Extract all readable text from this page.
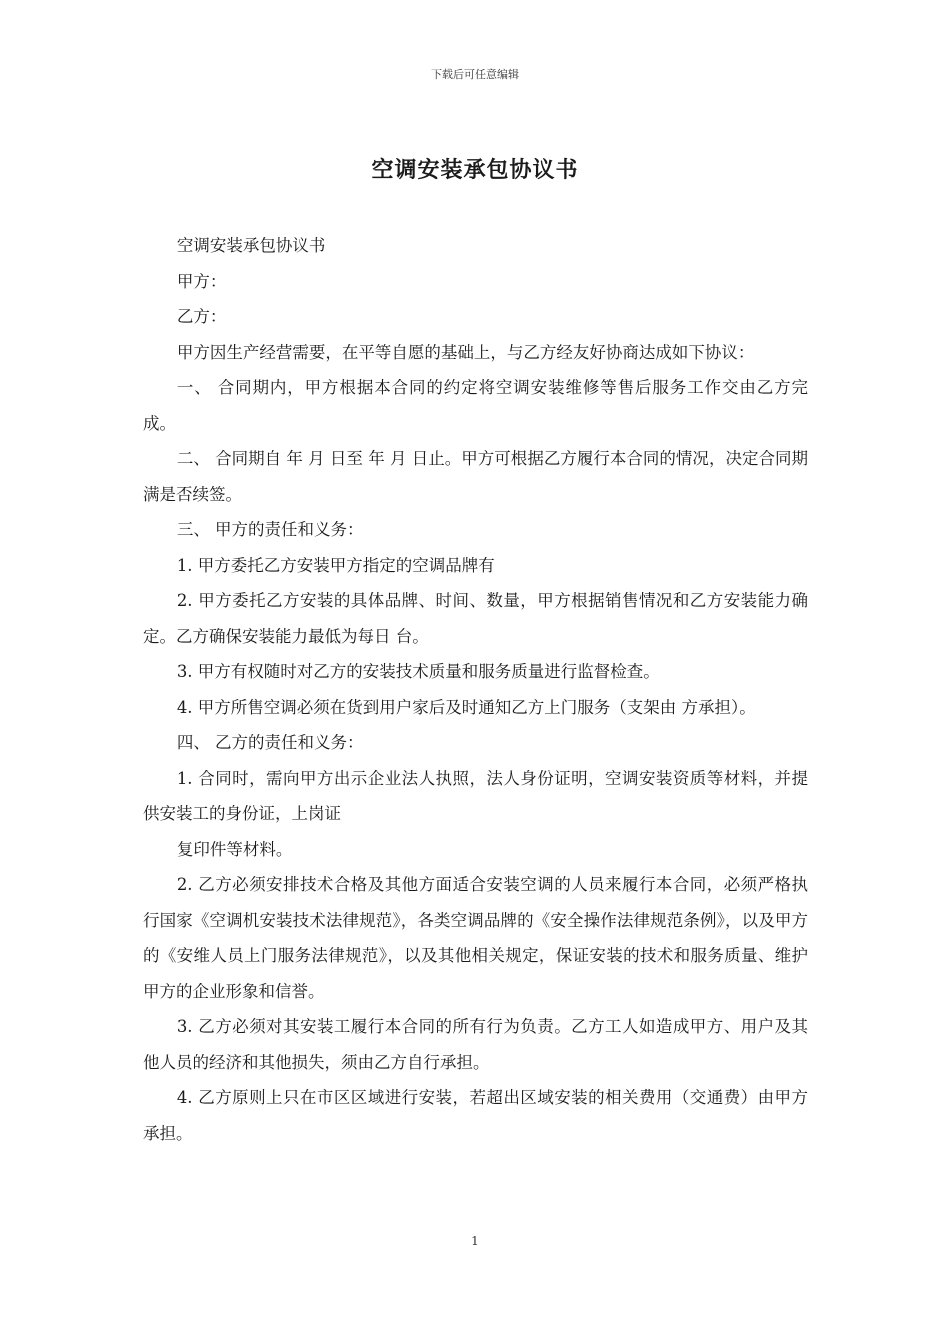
下载后可任意编辑
空调安装承包协议书

空调安装承包协议书

甲方：

乙方：

甲方因生产经营需要，在平等自愿的基础上，与乙方经友好协商达成如下协议：

一、 合同期内，甲方根据本合同的约定将空调安装维修等售后服务工作交由乙方完成。

二、 合同期自 年 月 日至 年 月 日止。甲方可根据乙方履行本合同的情况，决定合同期满是否续签。

三、 甲方的责任和义务：

1. 甲方委托乙方安装甲方指定的空调品牌有

2. 甲方委托乙方安装的具体品牌、时间、数量，甲方根据销售情况和乙方安装能力确定。乙方确保安装能力最低为每日 台。

3. 甲方有权随时对乙方的安装技术质量和服务质量进行监督检查。

4. 甲方所售空调必须在货到用户家后及时通知乙方上门服务（支架由 方承担）。

四、 乙方的责任和义务：

1. 合同时，需向甲方出示企业法人执照，法人身份证明，空调安装资质等材料，并提供安装工的身份证，上岗证

复印件等材料。

2. 乙方必须安排技术合格及其他方面适合安装空调的人员来履行本合同，必须严格执行国家《空调机安装技术法律规范》，各类空调品牌的《安全操作法律规范条例》，以及甲方的《安维人员上门服务法律规范》，以及其他相关规定，保证安装的技术和服务质量、维护甲方的企业形象和信誉。

3. 乙方必须对其安装工履行本合同的所有行为负责。乙方工人如造成甲方、用户及其他人员的经济和其他损失，须由乙方自行承担。

4. 乙方原则上只在市区区域进行安装，若超出区域安装的相关费用（交通费）由甲方承担。

1
